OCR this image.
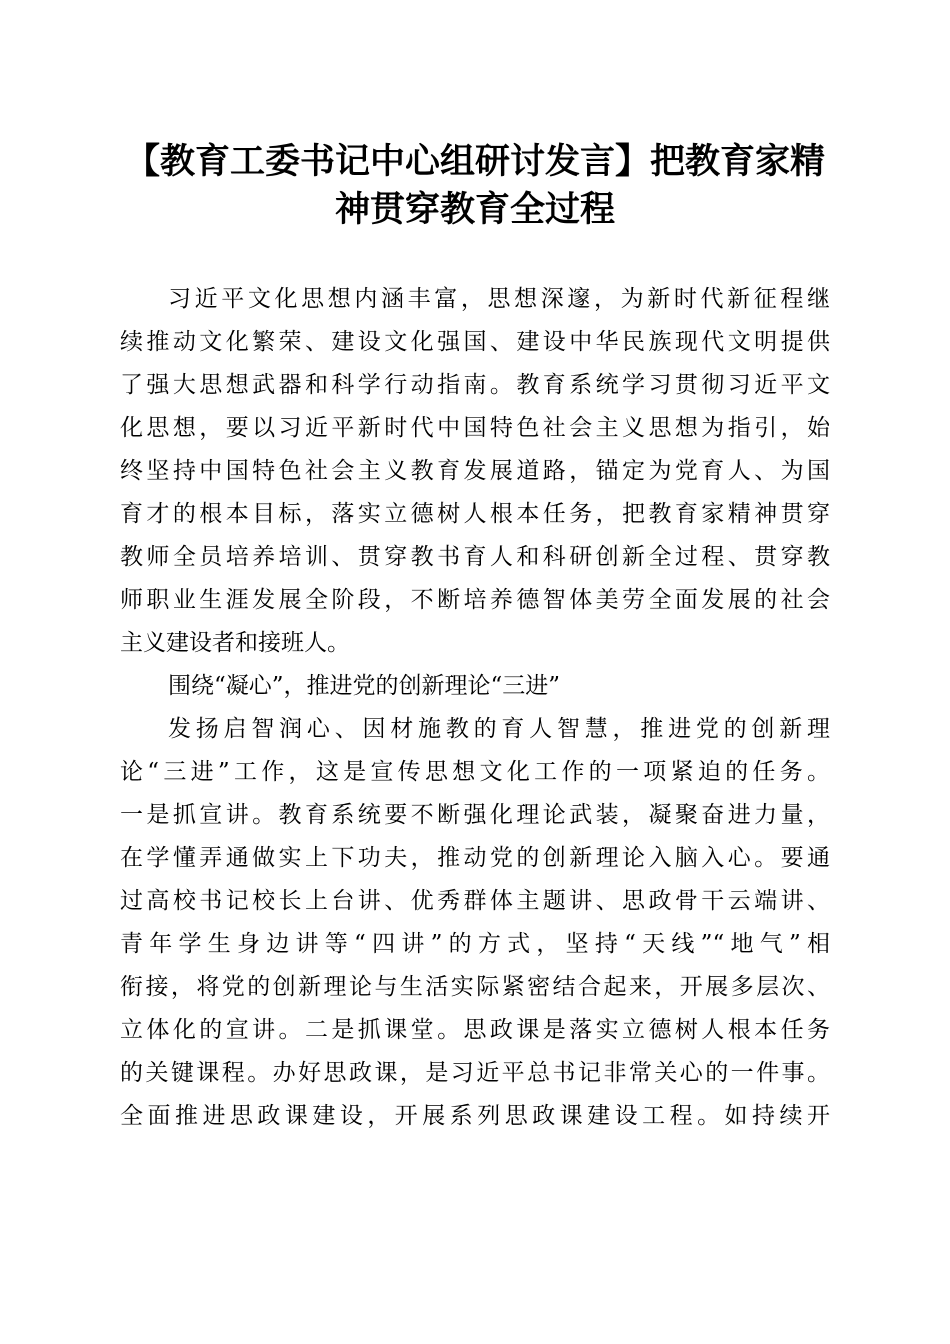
【教育工委书记中心组研讨发言】把教育家精
神贯穿教育全过程

习近平文化思想内涵丰富，思想深邃，为新时代新征程继
续推动文化繁荣、建设文化强国、建设中华民族现代文明提供
了强大思想武器和科学行动指南。教育系统学习贯彻习近平文
化思想，要以习近平新时代中国特色社会主义思想为指引，始
终坚持中国特色社会主义教育发展道路，锚定为党育人、为国
育才的根本目标，落实立德树人根本任务，把教育家精神贯穿
教师全员培养培训、贯穿教书育人和科研创新全过程、贯穿教
师职业生涯发展全阶段，不断培养德智体美劳全面发展的社会
主义建设者和接班人。

围绕“凝心”，推进党的创新理论“三进”

发扬启智润心、因材施教的育人智慧，推进党的创新理
论“三进”工作，这是宣传思想文化工作的一项紧迫的任务。
一是抓宣讲。教育系统要不断强化理论武装，凝聚奋进力量，
在学懂弄通做实上下功夫，推动党的创新理论入脑入心。要通
过高校书记校长上台讲、优秀群体主题讲、思政骨干云端讲、
青年学生身边讲等“四讲”的方式，坚持“天线”“地气”相
衔接，将党的创新理论与生活实际紧密结合起来，开展多层次、
立体化的宣讲。二是抓课堂。思政课是落实立德树人根本任务
的关键课程。办好思政课，是习近平总书记非常关心的一件事。
全面推进思政课建设，开展系列思政课建设工程。如持续开
